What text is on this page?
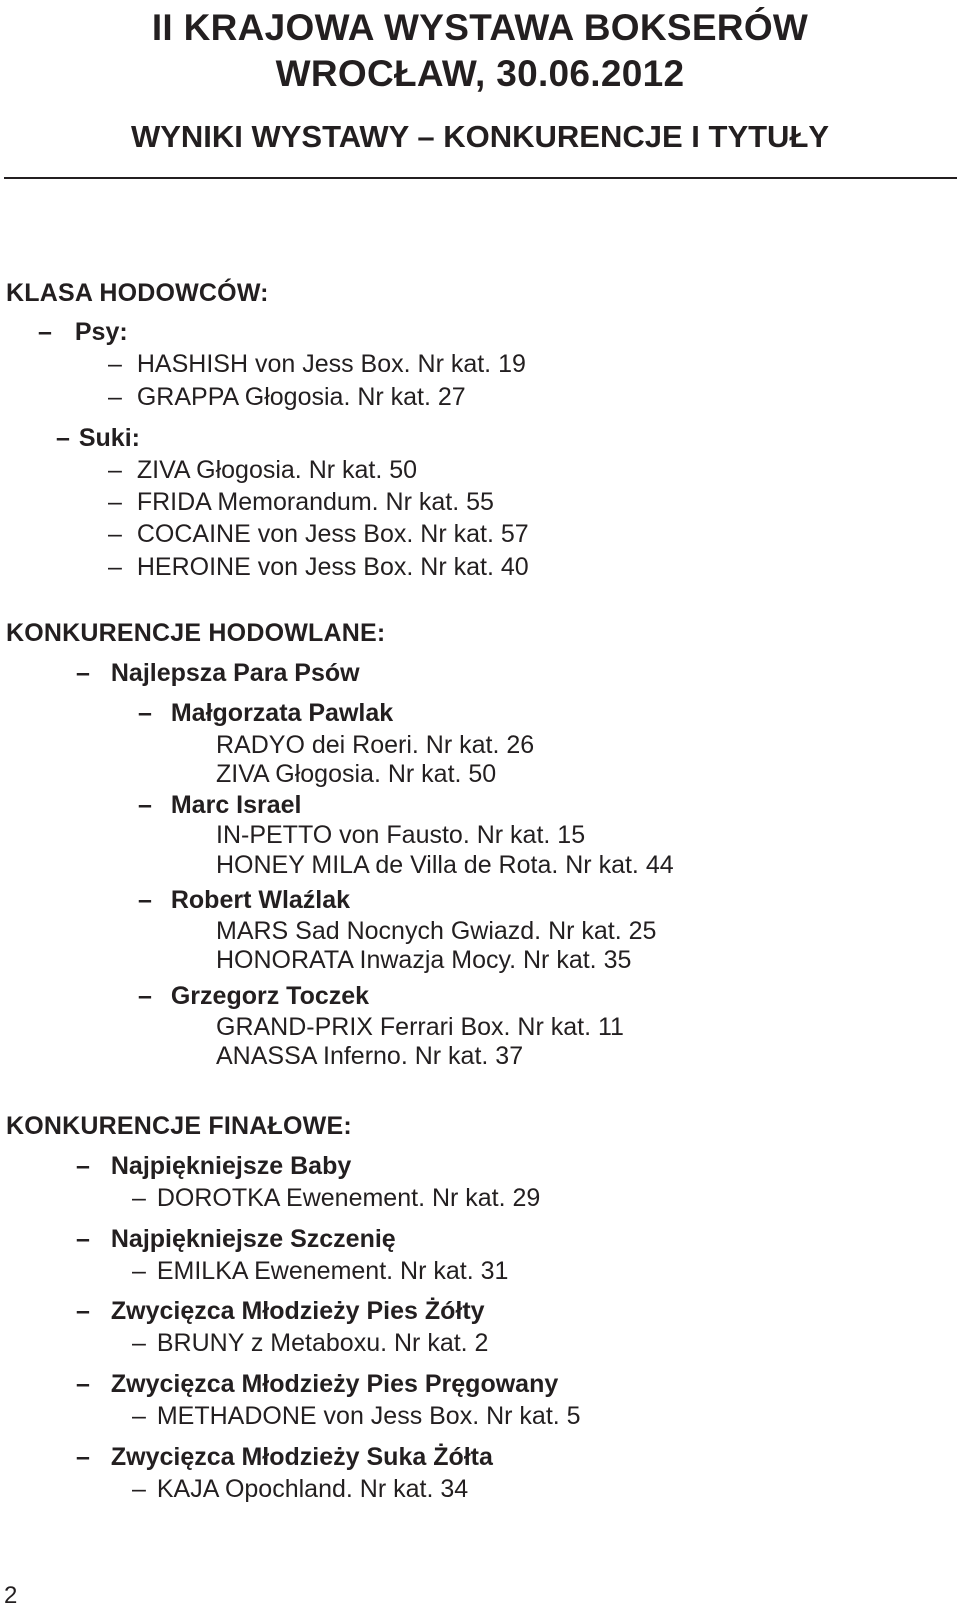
II KRAJOWA WYSTAWA BOKSERÓW
WROCŁAW, 30.06.2012
WYNIKI WYSTAWY – KONKURENCJE I TYTUŁY
KLASA HODOWCÓW:
– Psy:
– HASHISH von Jess Box. Nr kat. 19
– GRAPPA Głogosia. Nr kat. 27
– Suki:
– ZIVA Głogosia. Nr kat. 50
– FRIDA Memorandum. Nr kat. 55
– COCAINE von Jess Box. Nr kat. 57
– HEROINE von Jess Box. Nr kat. 40
KONKURENCJE HODOWLANE:
– Najlepsza Para Psów
– Małgorzata Pawlak
RADYO dei Roeri. Nr kat. 26
ZIVA Głogosia. Nr kat. 50
– Marc Israel
IN-PETTO von Fausto. Nr kat. 15
HONEY MILA de Villa de Rota. Nr kat. 44
– Robert Wlaźlak
MARS Sad Nocnych Gwiazd. Nr kat. 25
HONORATA Inwazja Mocy. Nr kat. 35
– Grzegorz Toczek
GRAND-PRIX Ferrari Box. Nr kat. 11
ANASSA Inferno. Nr kat. 37
KONKURENCJE FINAŁOWE:
– Najpiękniejsze Baby
– DOROTKA Ewenement. Nr kat. 29
– Najpiękniejsze Szczenię
– EMILKA Ewenement. Nr kat. 31
– Zwycięzca Młodzieży Pies Żółty
– BRUNY z Metaboxu. Nr kat. 2
– Zwycięzca Młodzieży Pies Pręgowany
– METHADONE von Jess Box. Nr kat. 5
– Zwycięzca Młodzieży Suka Żółta
– KAJA Opochland. Nr kat. 34
2
